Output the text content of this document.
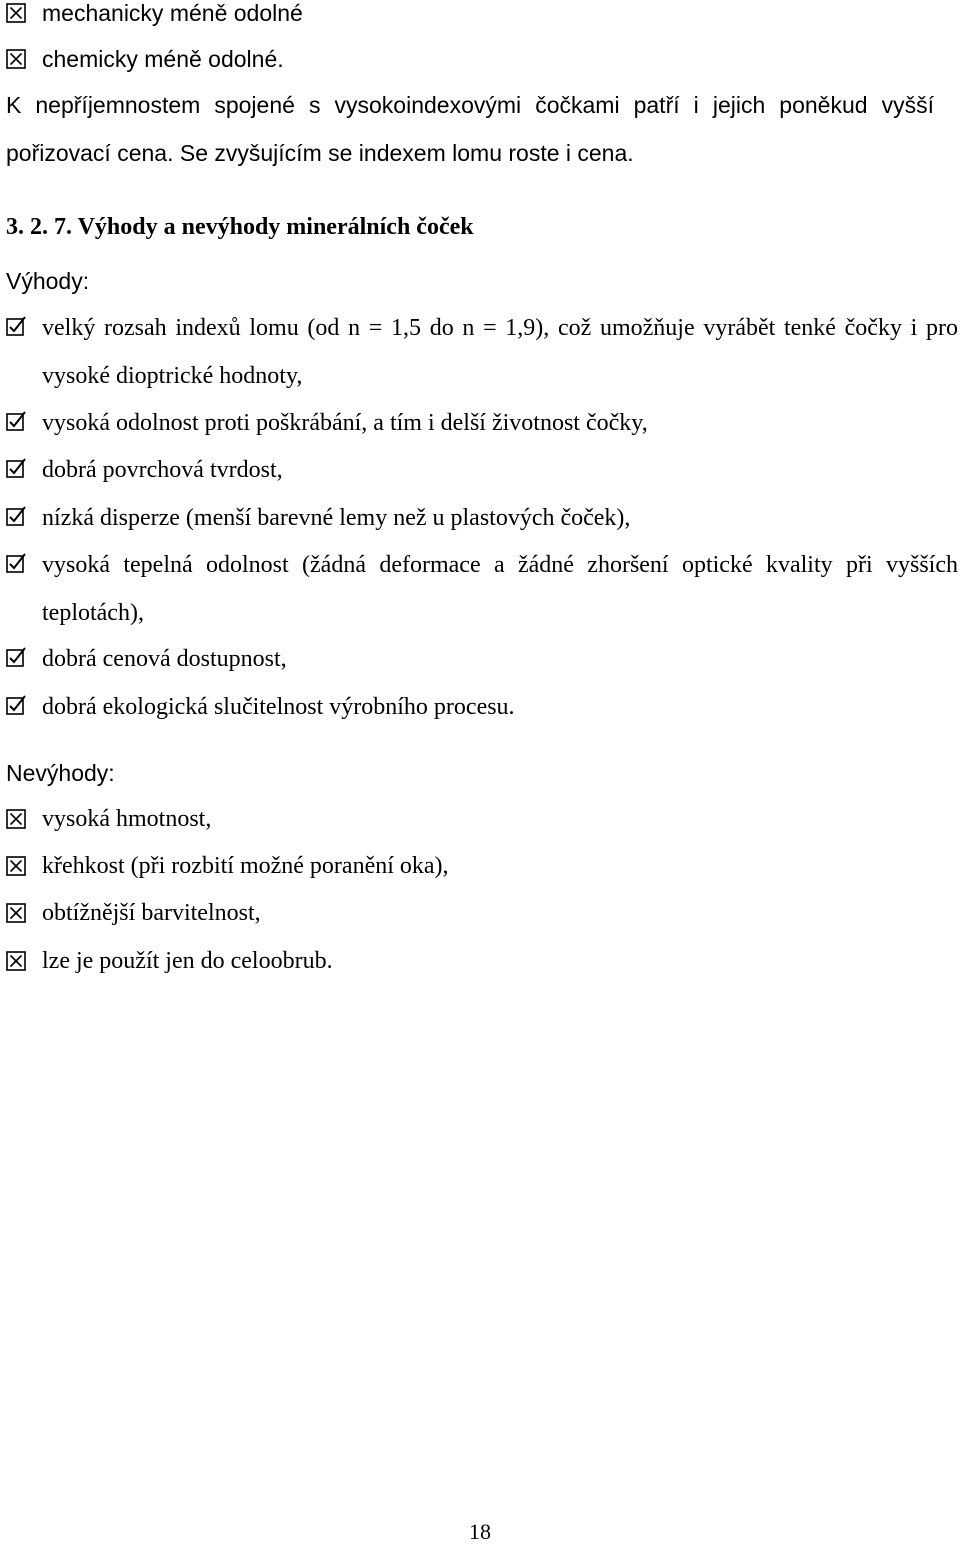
mechanicky méně odolné
chemicky méně odolné.
K nepříjemnostem spojené s vysokoindexovými čočkami patří i jejich poněkud vyšší
pořizovací cena. Se zvyšujícím se indexem lomu roste i cena.
3. 2. 7. Výhody a nevýhody minerálních čoček
Výhody:
velký rozsah indexů lomu (od n = 1,5 do n = 1,9), což umožňuje vyrábět tenké čočky i pro vysoké dioptrické hodnoty,
vysoká odolnost proti poškrábání, a tím i delší životnost čočky,
dobrá povrchová tvrdost,
nízká disperze (menší barevné lemy než u plastových čoček),
vysoká tepelná odolnost (žádná deformace a žádné zhoršení optické kvality při vyšších teplotách),
dobrá cenová dostupnost,
dobrá ekologická slučitelnost výrobního procesu.
Nevýhody:
vysoká hmotnost,
křehkost (při rozbití možné poranění oka),
obtížnější barvitelnost,
lze je použít jen do celoobrub.
18
